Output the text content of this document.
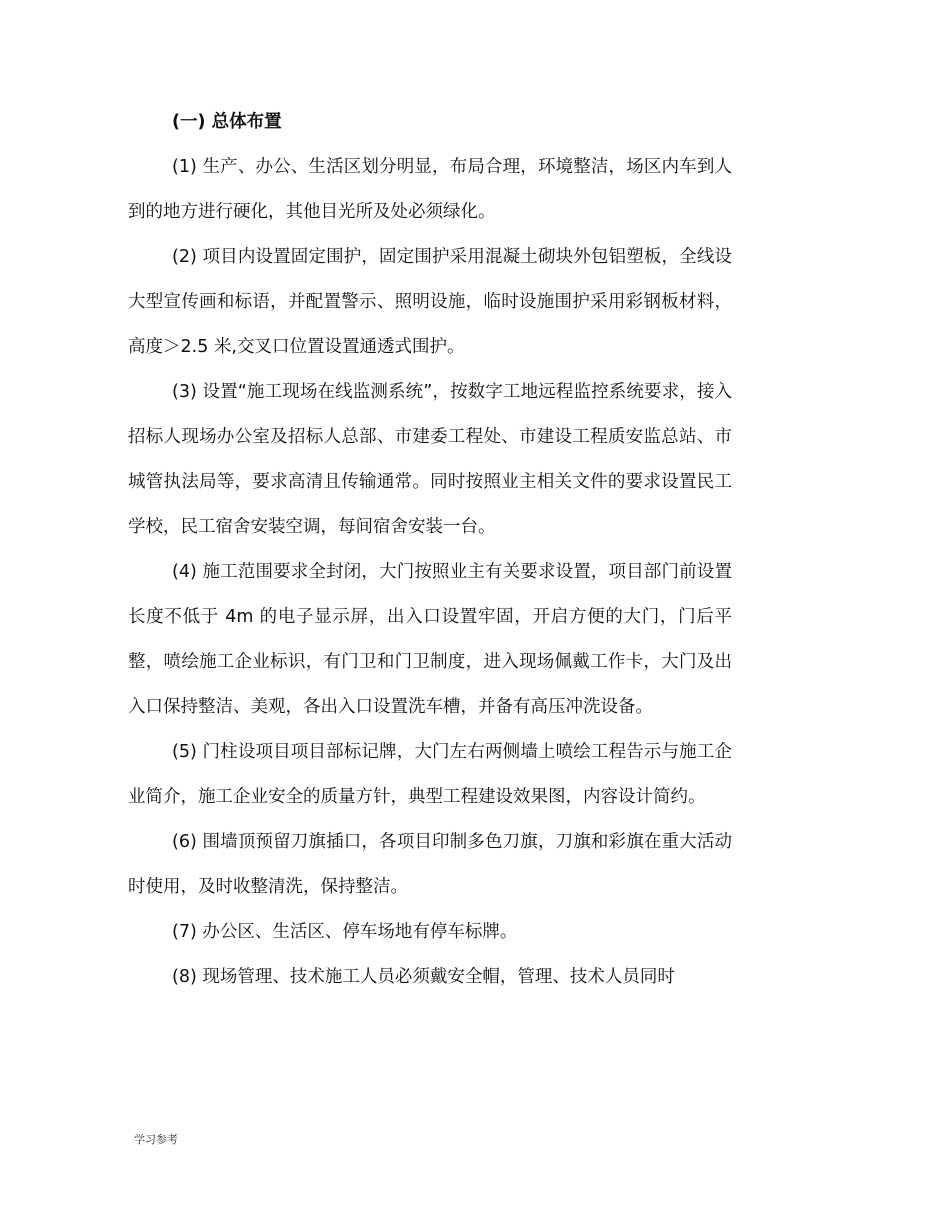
(一) 总体布置

(1) 生产、办公、生活区划分明显，布局合理，环境整洁，场区内车到人到的地方进行硬化，其他目光所及处必须绿化。

(2) 项目内设置固定围护，固定围护采用混凝土砌块外包铝塑板，全线设大型宣传画和标语，并配置警示、照明设施，临时设施围护采用彩钢板材料，高度＞2.5 米,交叉口位置设置通透式围护。

(3) 设置“施工现场在线监测系统”，按数字工地远程监控系统要求，接入招标人现场办公室及招标人总部、市建委工程处、市建设工程质安监总站、市城管执法局等，要求高清且传输通常。同时按照业主相关文件的要求设置民工学校，民工宿舍安装空调，每间宿舍安装一台。

(4) 施工范围要求全封闭，大门按照业主有关要求设置，项目部门前设置长度不低于 4m 的电子显示屏，出入口设置牢固，开启方便的大门，门后平整，喷绘施工企业标识，有门卫和门卫制度，进入现场佩戴工作卡，大门及出入口保持整洁、美观，各出入口设置洗车槽，并备有高压冲洗设备。

(5) 门柱设项目项目部标记牌，大门左右两侧墙上喷绘工程告示与施工企业简介，施工企业安全的质量方针，典型工程建设效果图，内容设计简约。

(6) 围墙顶预留刀旗插口，各项目印制多色刀旗，刀旗和彩旗在重大活动时使用，及时收整清洗，保持整洁。

(7) 办公区、生活区、停车场地有停车标牌。

(8) 现场管理、技术施工人员必须戴安全帽，管理、技术人员同时

学习参考
